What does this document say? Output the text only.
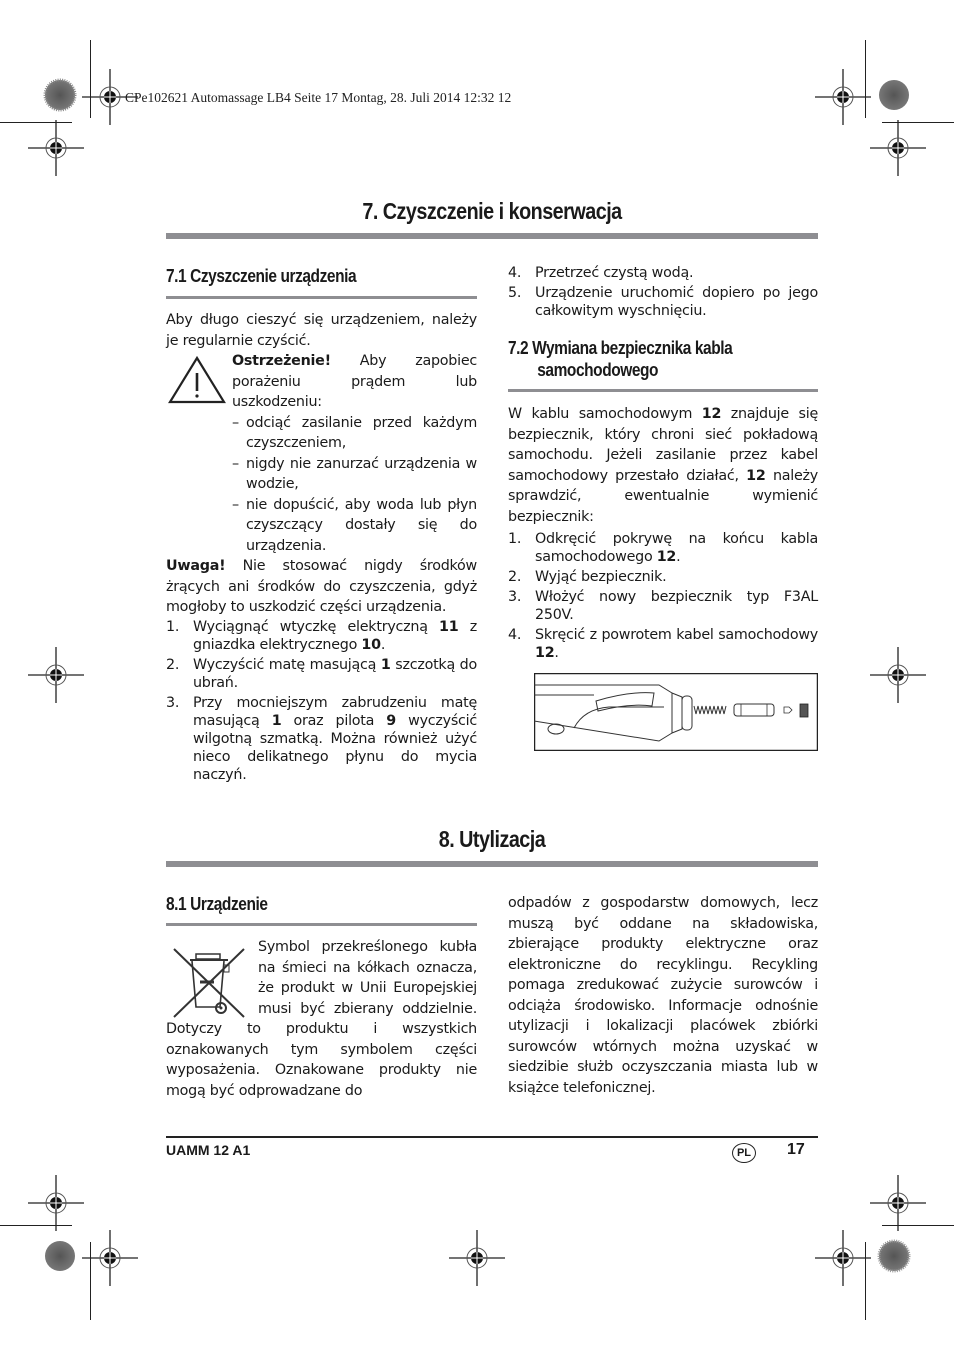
CPe102621 Automassage LB4 Seite 17 Montag, 28. Juli 2014 12:32 12
7. Czyszczenie i konserwacja
7.1 Czyszczenie urządzenia

Aby długo cieszyć się urządzeniem, należy je regularnie czyścić.

Ostrzeżenie! Aby zapobiec porażeniu prądem lub uszkodzeniu:

– odciąć zasilanie przed każdym czyszczeniem,
– nigdy nie zanurzać urządzenia w wodzie,
– nie dopuścić, aby woda lub płyn czyszczący dostały się do urządzenia.

Uwaga! Nie stosować nigdy środków żrących ani środków do czyszczenia, gdyż mogłoby to uszkodzić części urządzenia.

1. Wyciągnąć wtyczkę elektryczną 11 z gniazdka elektrycznego 10.
2. Wyczyścić matę masującą 1 szczotką do ubrań.
3. Przy mocniejszym zabrudzeniu matę masującą 1 oraz pilota 9 wyczyścić wilgotną szmatką. Można również użyć nieco delikatnego płynu do mycia naczyń.
4. Przetrzeć czystą wodą.
5. Urządzenie uruchomić dopiero po jego całkowitym wyschnięciu.
7.2 Wymiana bezpiecznika kabla
samochodowego

W kablu samochodowym 12 znajduje się bezpiecznik, który chroni sieć pokładową samochodu. Jeżeli zasilanie przez kabel samochodowy przestało działać, 12 należy sprawdzić, ewentualnie wymienić bezpiecznik:

1. Odkręcić pokrywę na końcu kabla samochodowego 12.
2. Wyjąć bezpiecznik.
3. Włożyć nowy bezpiecznik typ F3AL 250V.
4. Skręcić z powrotem kabel samochodowy 12.
8. Utylizacja
8.1 Urządzenie

Symbol przekreślonego kubła na śmieci na kółkach oznacza, że produkt w Unii Europejskiej musi być zbierany oddzielnie. Dotyczy to produktu i wszystkich oznakowanych tym symbolem części wyposażenia. Oznakowane produkty nie mogą być odprowadzane do

odpadów z gospodarstw domowych, lecz muszą być oddane na składowiska, zbierające produkty elektryczne oraz elektroniczne do recyklingu. Recykling pomaga zredukować zużycie surowców i odciąża środowisko. Informacje odnośnie utylizacji i lokalizacji placówek zbiórki surowców wtórnych można uzyskać w siedzibie służb oczyszczania miasta lub w książce telefonicznej.

UAMM 12 A1	PL	17
